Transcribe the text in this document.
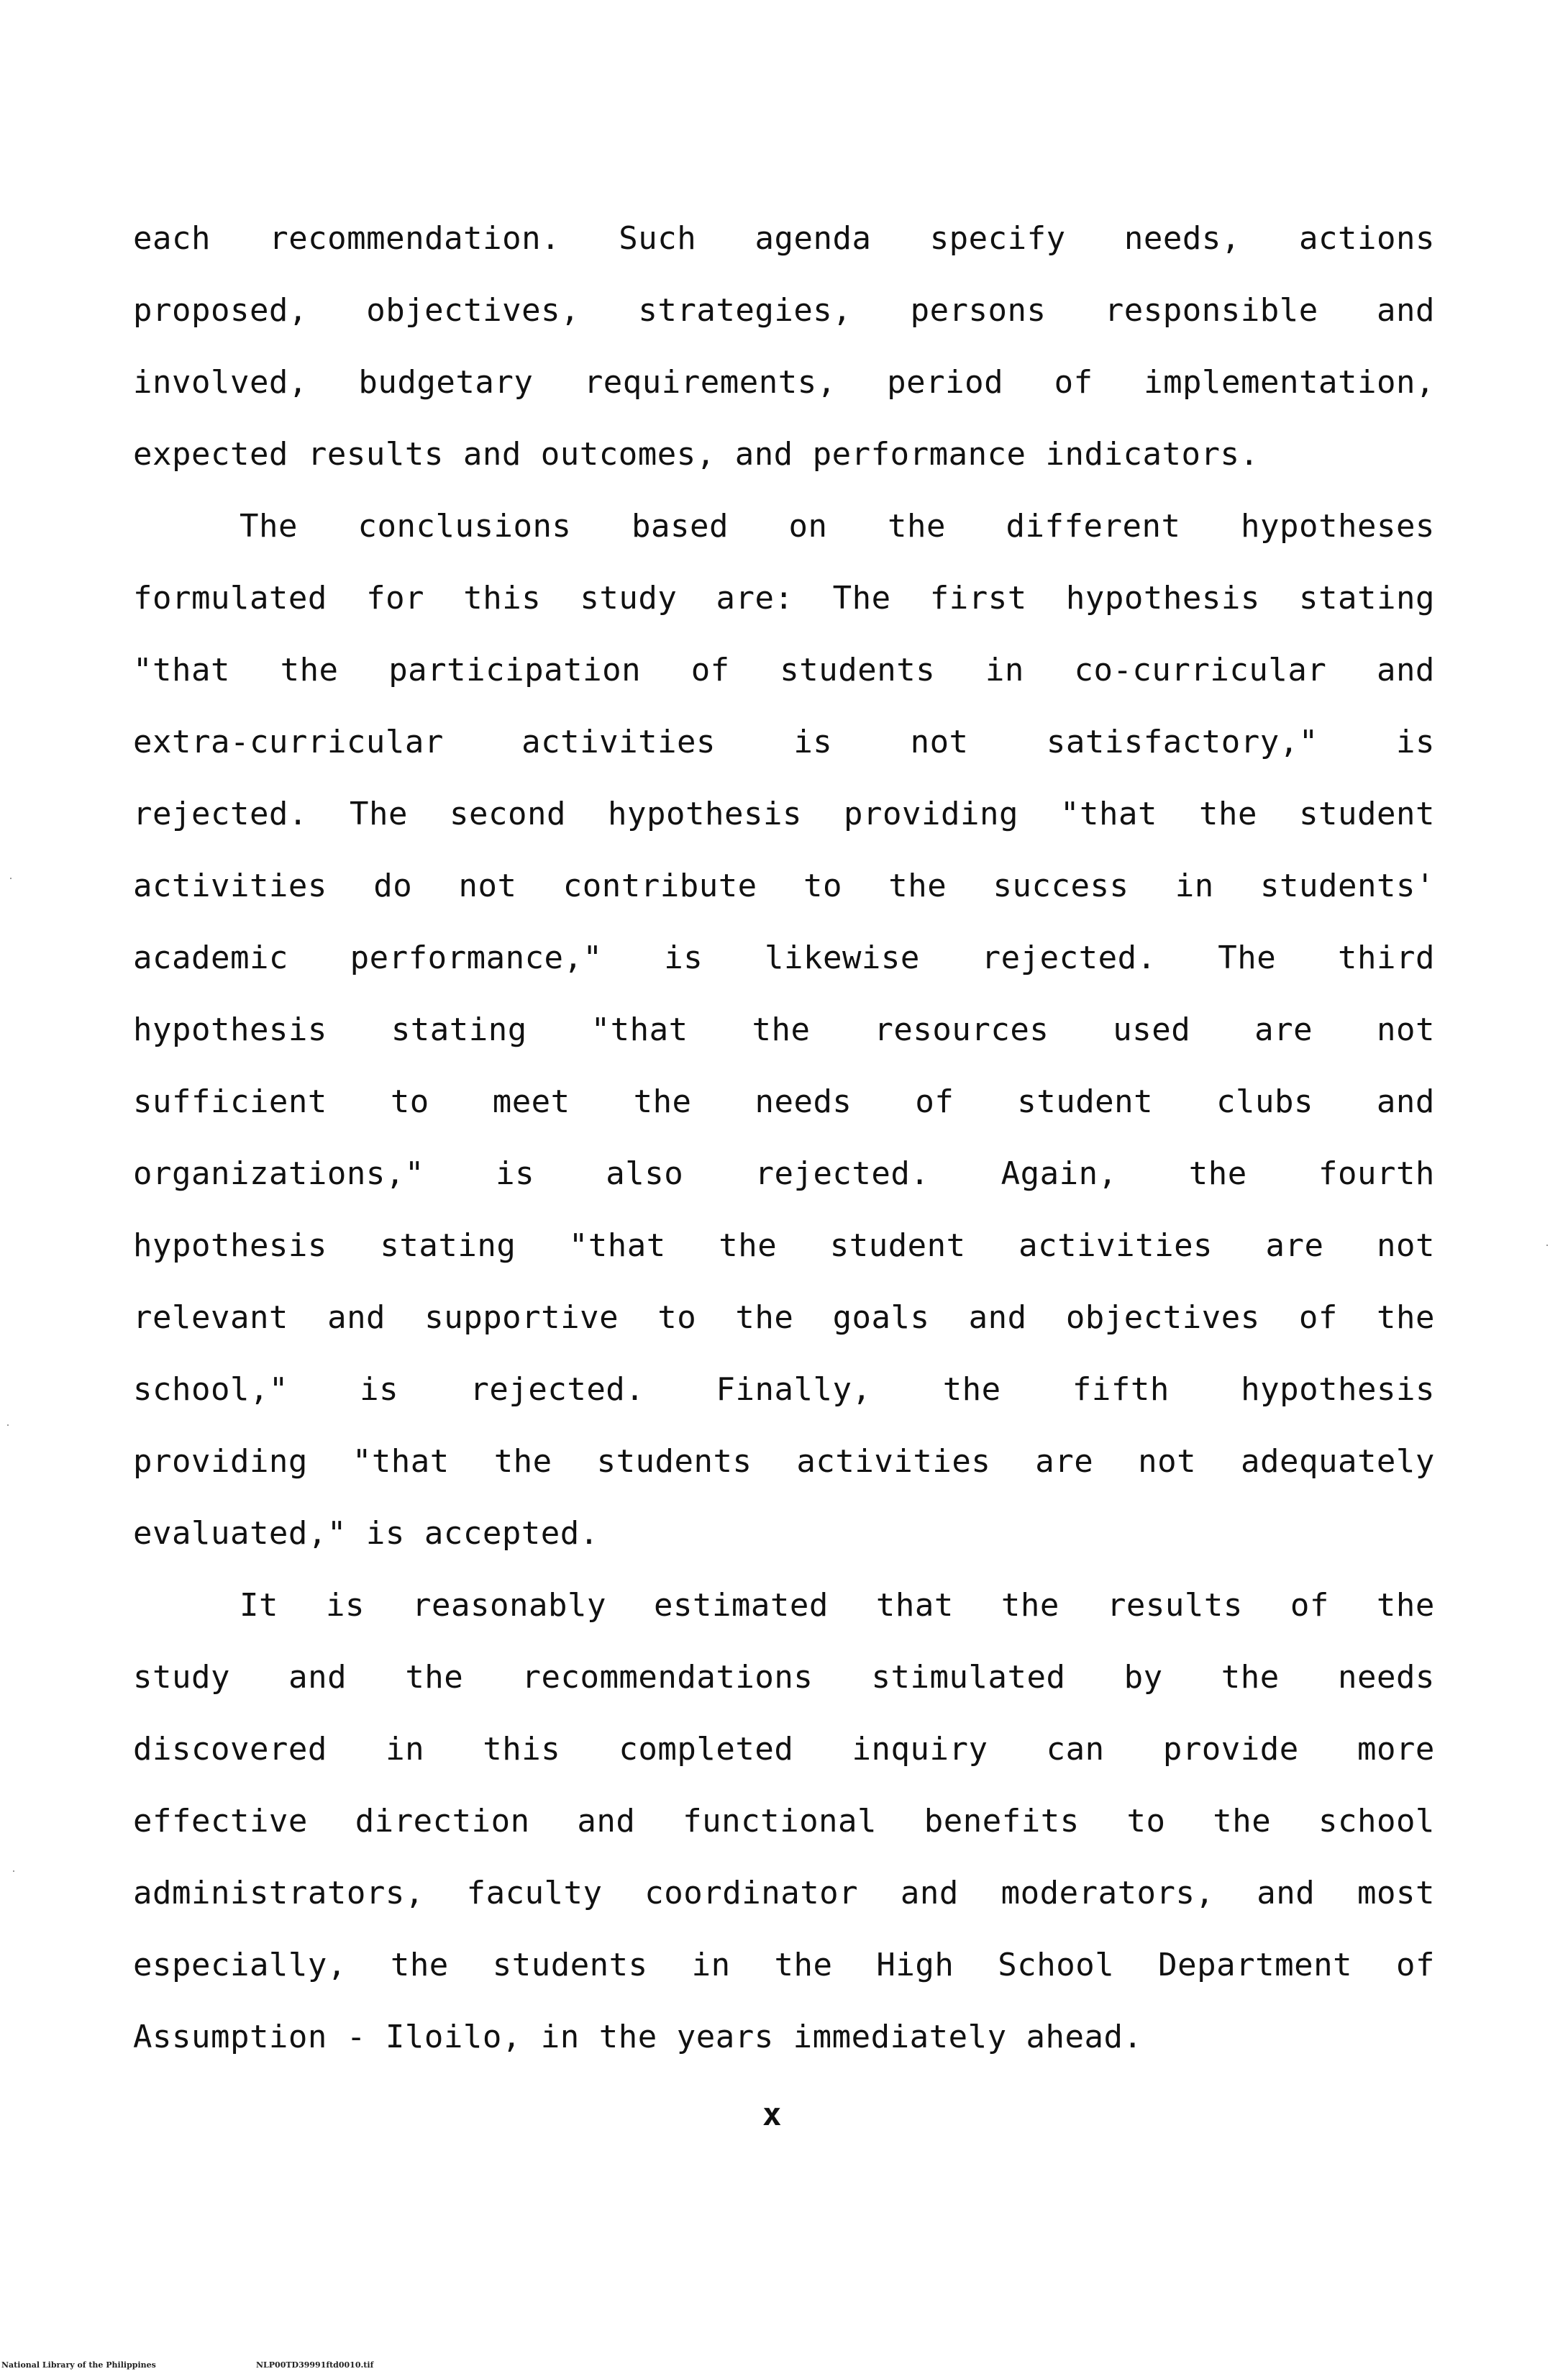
each recommendation. Such agenda specify needs, actions
proposed, objectives, strategies, persons responsible and
involved, budgetary requirements, period of implementation,
expected results and outcomes, and performance indicators.
The conclusions based on the different hypotheses
formulated for this study are: The first hypothesis stating
"that the participation of students in co-curricular and
extra-curricular activities is not satisfactory," is
rejected. The second hypothesis providing "that the student
activities do not contribute to the success in students'
academic performance," is likewise rejected. The third
hypothesis stating "that the resources used are not
sufficient to meet the needs of student clubs and
organizations," is also rejected. Again, the fourth
hypothesis stating "that the student activities are not
relevant and supportive to the goals and objectives of the
school," is rejected. Finally, the fifth hypothesis
providing "that the students activities are not adequately
evaluated," is accepted.
It is reasonably estimated that the results of the
study and the recommendations stimulated by the needs
discovered in this completed inquiry can provide more
effective direction and functional benefits to the school
administrators, faculty coordinator and moderators, and most
especially, the students in the High School Department of
Assumption - Iloilo, in the years immediately ahead.
x
National Library of the Philippines	NLP00TD39991ftd0010.tif
